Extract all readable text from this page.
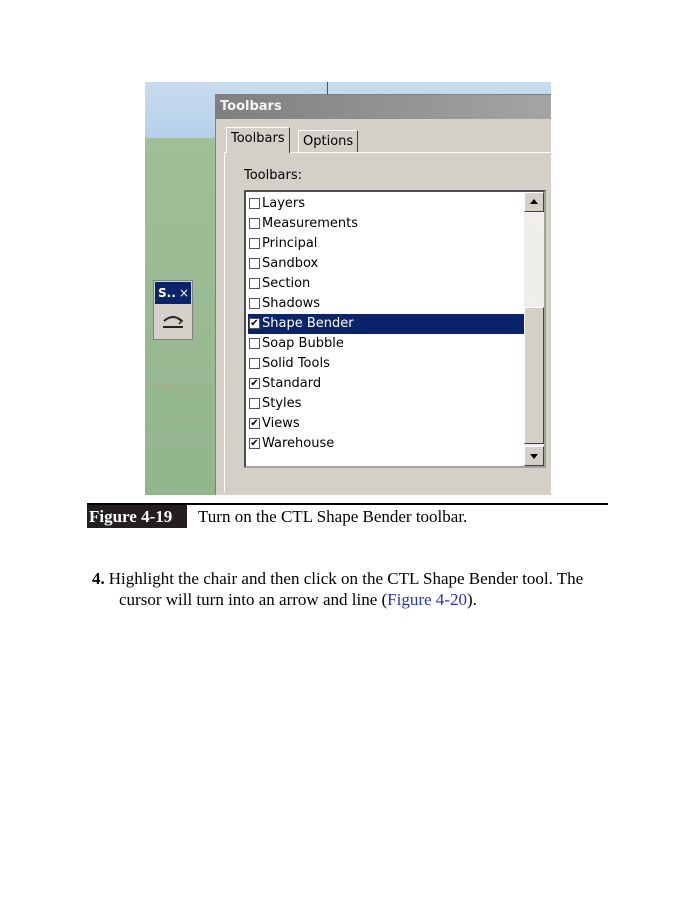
S.. ×
Toolbars
Toolbars	Options
Toolbars:
Layers
Measurements
Principal
Sandbox
Section
Shadows
✔ Shape Bender
Soap Bubble
Solid Tools
✔ Standard
Styles
✔ Views
✔ Warehouse
Figure 4-19	Turn on the CTL Shape Bender toolbar.
4. Highlight the chair and then click on the CTL Shape Bender tool. The
cursor will turn into an arrow and line (Figure 4-20).
